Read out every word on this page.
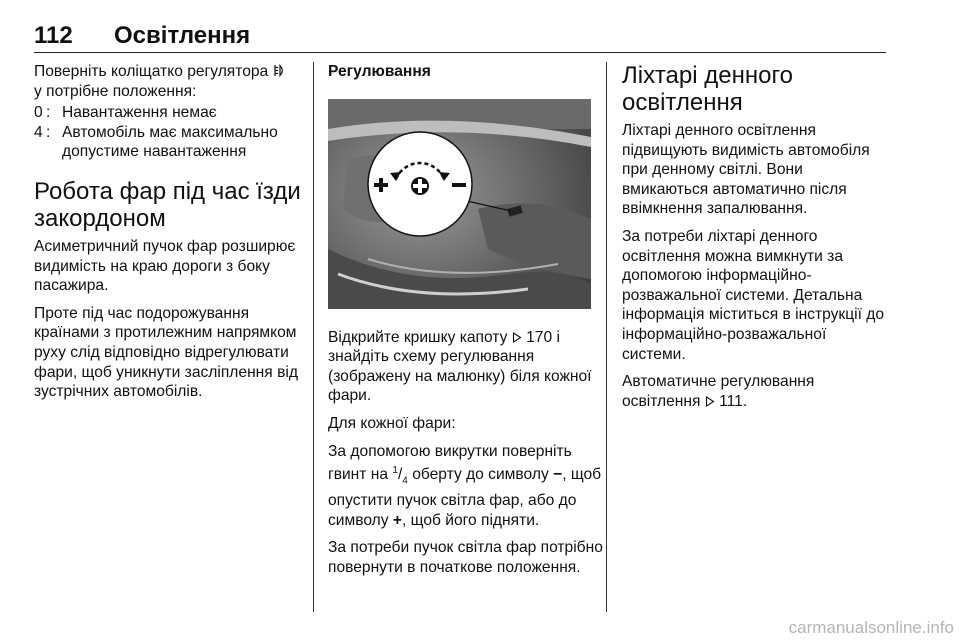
112 Освітлення

Поверніть коліщатко регулятора
у потрібне положення:

0 : Навантаження немає
4 : Автомобіль має максимально допустиме навантаження
Робота фар під час їзди закордоном

Асиметричний пучок фар розширює видимість на краю дороги з боку пасажира.

Проте під час подорожування країнами з протилежним напрямком руху слід відповідно відрегулювати фари, щоб уникнути засліплення від зустрічних автомобілів.

Регулювання

Відкрийте кришку капоту  170 і знайдіть схему регулювання (зображену на малюнку) біля кожної фари.

Для кожної фари:

За допомогою викрутки поверніть гвинт на $^1/_4$ оберту до символу −, щоб опустити пучок світла фар, або до символу +, щоб його підняти.

За потреби пучок світла фар потрібно повернути в початкове положення.

Ліхтарі денного освітлення

Ліхтарі денного освітлення підвищують видимість автомобіля при денному світлі. Вони вмикаються автоматично після ввімкнення запалювання.

За потреби ліхтарі денного освітлення можна вимкнути за допомогою інформаційно-розважальної системи. Детальна інформація міститься в інструкції до інформаційно-розважальної системи.

Автоматичне регулювання освітлення  111.

carmanualsonline.info
